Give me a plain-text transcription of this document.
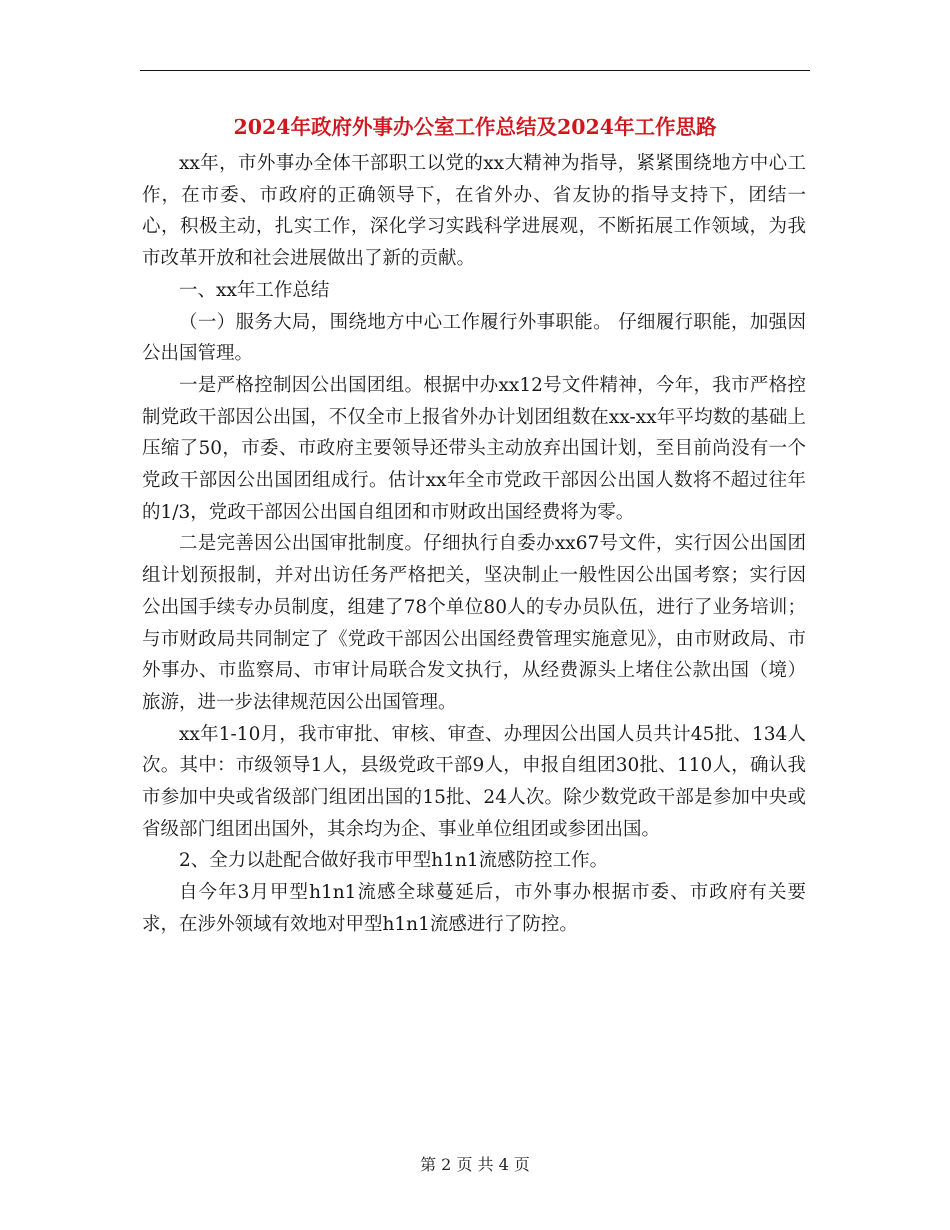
2024年政府外事办公室工作总结及2024年工作思路

xx年，市外事办全体干部职工以党的xx大精神为指导，紧紧围绕地方中心工作，在市委、市政府的正确领导下，在省外办、省友协的指导支持下，团结一心，积极主动，扎实工作，深化学习实践科学进展观，不断拓展工作领域，为我市改革开放和社会进展做出了新的贡献。

一、xx年工作总结

（一）服务大局，围绕地方中心工作履行外事职能。 仔细履行职能，加强因公出国管理。

一是严格控制因公出国团组。根据中办xx12号文件精神，今年，我市严格控制党政干部因公出国，不仅全市上报省外办计划团组数在xx-xx年平均数的基础上压缩了50，市委、市政府主要领导还带头主动放弃出国计划，至目前尚没有一个党政干部因公出国团组成行。估计xx年全市党政干部因公出国人数将不超过往年的1/3，党政干部因公出国自组团和市财政出国经费将为零。

二是完善因公出国审批制度。仔细执行自委办xx67号文件，实行因公出国团组计划预报制，并对出访任务严格把关，坚决制止一般性因公出国考察；实行因公出国手续专办员制度，组建了78个单位80人的专办员队伍，进行了业务培训；与市财政局共同制定了《党政干部因公出国经费管理实施意见》，由市财政局、市外事办、市监察局、市审计局联合发文执行，从经费源头上堵住公款出国（境）旅游，进一步法律规范因公出国管理。

xx年1-10月，我市审批、审核、审查、办理因公出国人员共计45批、134人次。其中：市级领导1人，县级党政干部9人，申报自组团30批、110人，确认我市参加中央或省级部门组团出国的15批、24人次。除少数党政干部是参加中央或省级部门组团出国外，其余均为企、事业单位组团或参团出国。

2、全力以赴配合做好我市甲型h1n1流感防控工作。

自今年3月甲型h1n1流感全球蔓延后，市外事办根据市委、市政府有关要求，在涉外领域有效地对甲型h1n1流感进行了防控。

第 2 页 共 4 页
